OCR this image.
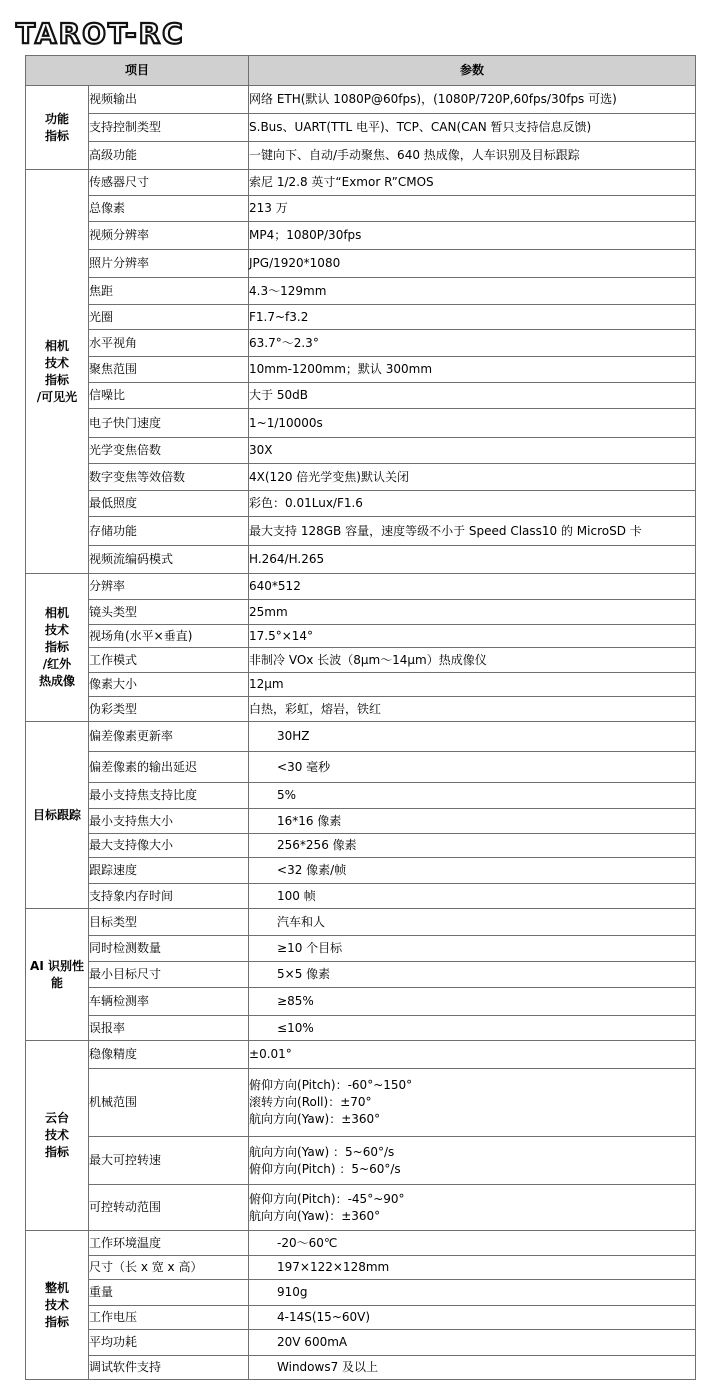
TAROT-RC
项目		参数

功能
指标	视频输出	网络 ETH(默认 1080P@60fps)，(1080P/720P,60fps/30fps 可选)

	支持控制类型	S.Bus、UART(TTL 电平)、TCP、CAN(CAN 暂只支持信息反馈)

	高级功能	一键向下、自动/手动聚焦、640 热成像，人车识别及目标跟踪

相机
技术
指标
/可见光	传感器尺寸	索尼 1/2.8 英寸“Exmor R”CMOS

	总像素	213 万

	视频分辨率	MP4；1080P/30fps

	照片分辨率	JPG/1920*1080

	焦距	4.3～129mm

	光圈	F1.7~f3.2

	水平视角	63.7°～2.3°

	聚焦范围	10mm-1200mm；默认 300mm

	信噪比	大于 50dB

	电子快门速度	1~1/10000s

	光学变焦倍数	30X

	数字变焦等效倍数	4X(120 倍光学变焦)默认关闭

	最低照度	彩色：0.01Lux/F1.6

	存储功能	最大支持 128GB 容量，速度等级不小于 Speed Class10 的 MicroSD 卡

	视频流编码模式	H.264/H.265

相机
技术
指标
/红外
热成像	分辨率	640*512

	镜头类型	25mm

	视场角(水平×垂直)	17.5°×14°

	工作模式	非制冷 VOx 长波（8μm～14μm）热成像仪

	像素大小	12μm

	伪彩类型	白热，彩虹，熔岩，铁红

目标跟踪	偏差像素更新率	30HZ

	偏差像素的输出延迟	<30 毫秒

	最小支持焦支持比度	5%

	最小支持焦大小	16*16 像素

	最大支持像大小	256*256 像素

	跟踪速度	<32 像素/帧

	支持象内存时间	100 帧

AI 识别性
能	目标类型	汽车和人

	同时检测数量	≥10 个目标

	最小目标尺寸	5×5 像素

	车辆检测率	≥85%

	误报率	≤10%

云台
技术
指标	稳像精度	±0.01°

	机械范围	俯仰方向(Pitch)：-60°~150°
滚转方向(Roll)：±70°
航向方向(Yaw)：±360°

	最大可控转速	航向方向(Yaw) ：5~60°/s
俯仰方向(Pitch) ：5~60°/s

	可控转动范围	俯仰方向(Pitch)：-45°~90°
航向方向(Yaw)：±360°

整机
技术
指标	工作环境温度	-20～60℃

	尺寸（长 x 宽 x 高）	197×122×128mm

	重量	910g

	工作电压	4-14S(15~60V)

	平均功耗	20V 600mA

	调试软件支持	Windows7 及以上
